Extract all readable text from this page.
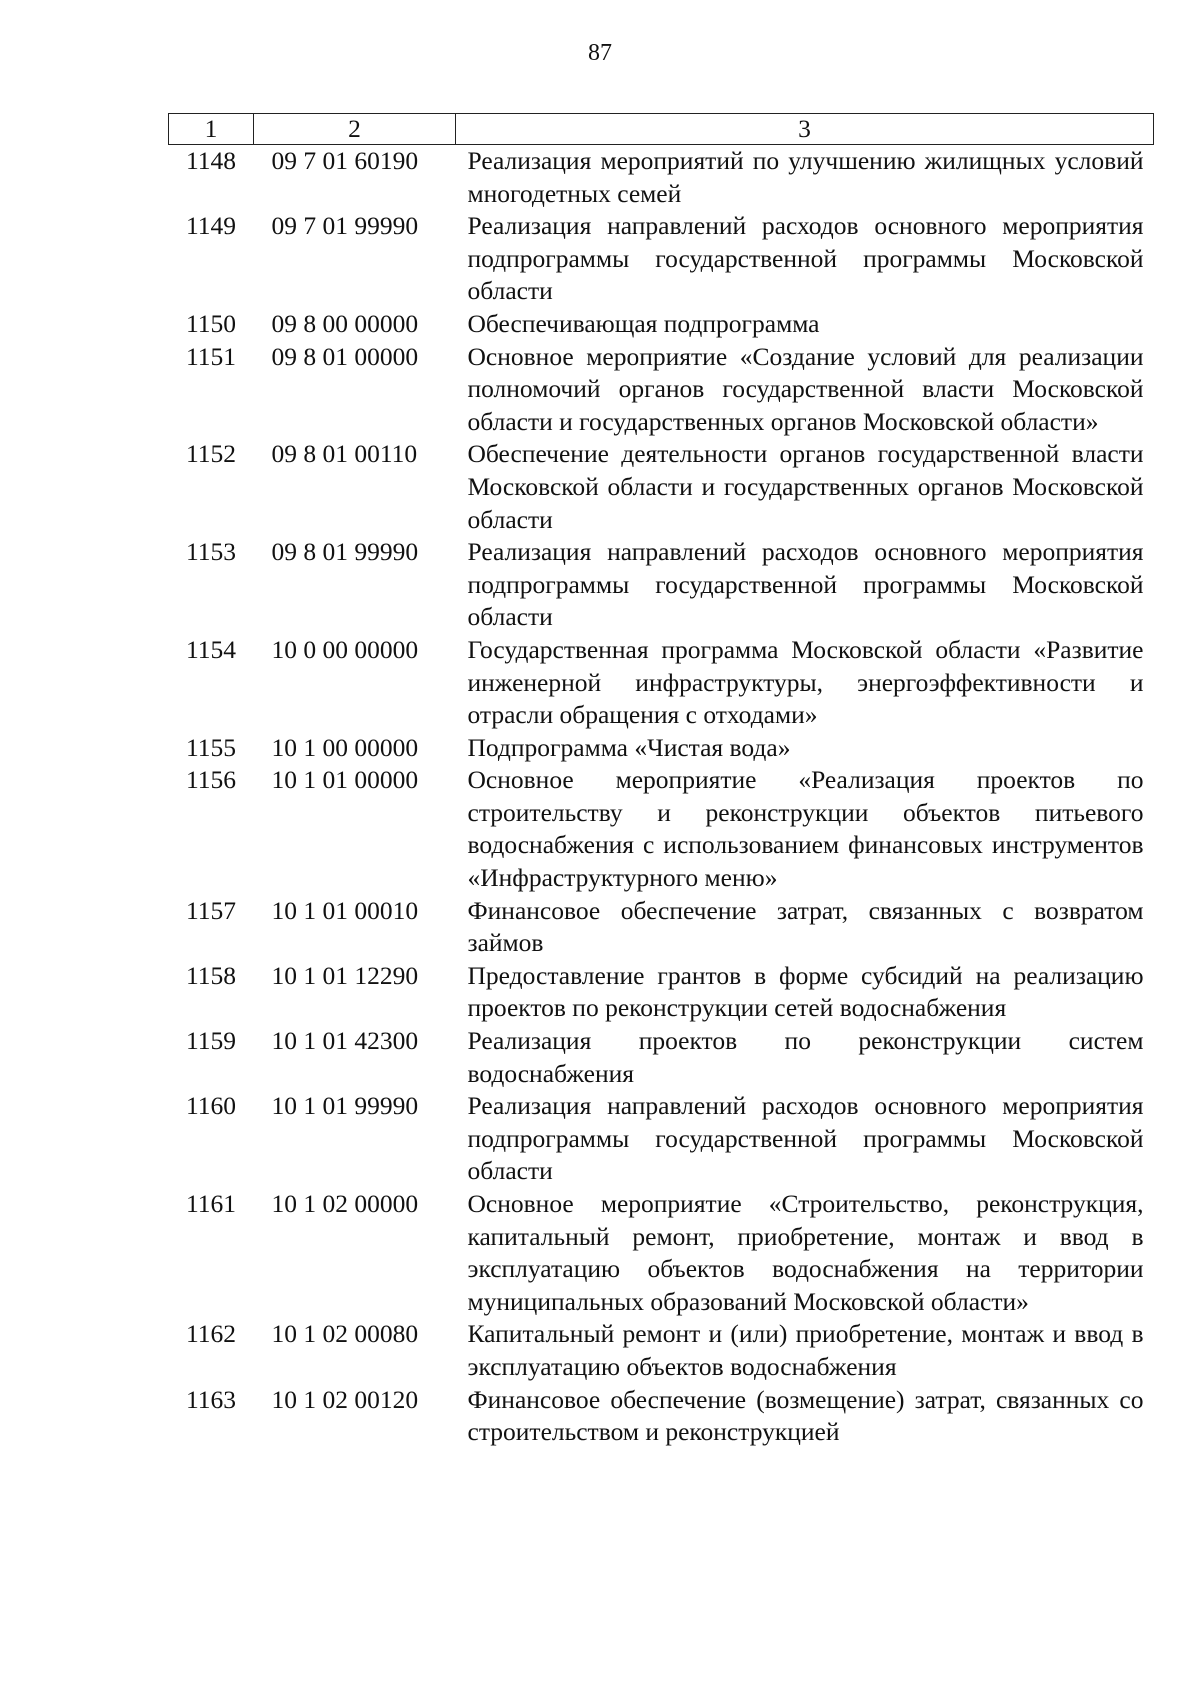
87
1	2	3
1148	09 7 01 60190	Реализация мероприятий по улучшению жилищных условий многодетных семей
1149	09 7 01 99990	Реализация направлений расходов основного мероприятия подпрограммы государственной программы Московской области
1150	09 8 00 00000	Обеспечивающая подпрограмма
1151	09 8 01 00000	Основное мероприятие «Создание условий для реализации полномочий органов государственной власти Московской области и государственных органов Московской области»
1152	09 8 01 00110	Обеспечение деятельности органов государственной власти Московской области и государственных органов Московской области
1153	09 8 01 99990	Реализация направлений расходов основного мероприятия подпрограммы государственной программы Московской области
1154	10 0 00 00000	Государственная программа Московской области «Развитие инженерной инфраструктуры, энергоэффективности и отрасли обращения с отходами»
1155	10 1 00 00000	Подпрограмма «Чистая вода»
1156	10 1 01 00000	Основное мероприятие «Реализация проектов по строительству и реконструкции объектов питьевого водоснабжения с использованием финансовых инструментов «Инфраструктурного меню»
1157	10 1 01 00010	Финансовое обеспечение затрат, связанных с возвратом займов
1158	10 1 01 12290	Предоставление грантов в форме субсидий на реализацию проектов по реконструкции сетей водоснабжения
1159	10 1 01 42300	Реализация проектов по реконструкции систем водоснабжения
1160	10 1 01 99990	Реализация направлений расходов основного мероприятия подпрограммы государственной программы Московской области
1161	10 1 02 00000	Основное мероприятие «Строительство, реконструкция, капитальный ремонт, приобретение, монтаж и ввод в эксплуатацию объектов водоснабжения на территории муниципальных образований Московской области»
1162	10 1 02 00080	Капитальный ремонт и (или) приобретение, монтаж и ввод в эксплуатацию объектов водоснабжения
1163	10 1 02 00120	Финансовое обеспечение (возмещение) затрат, связанных со строительством и реконструкцией
